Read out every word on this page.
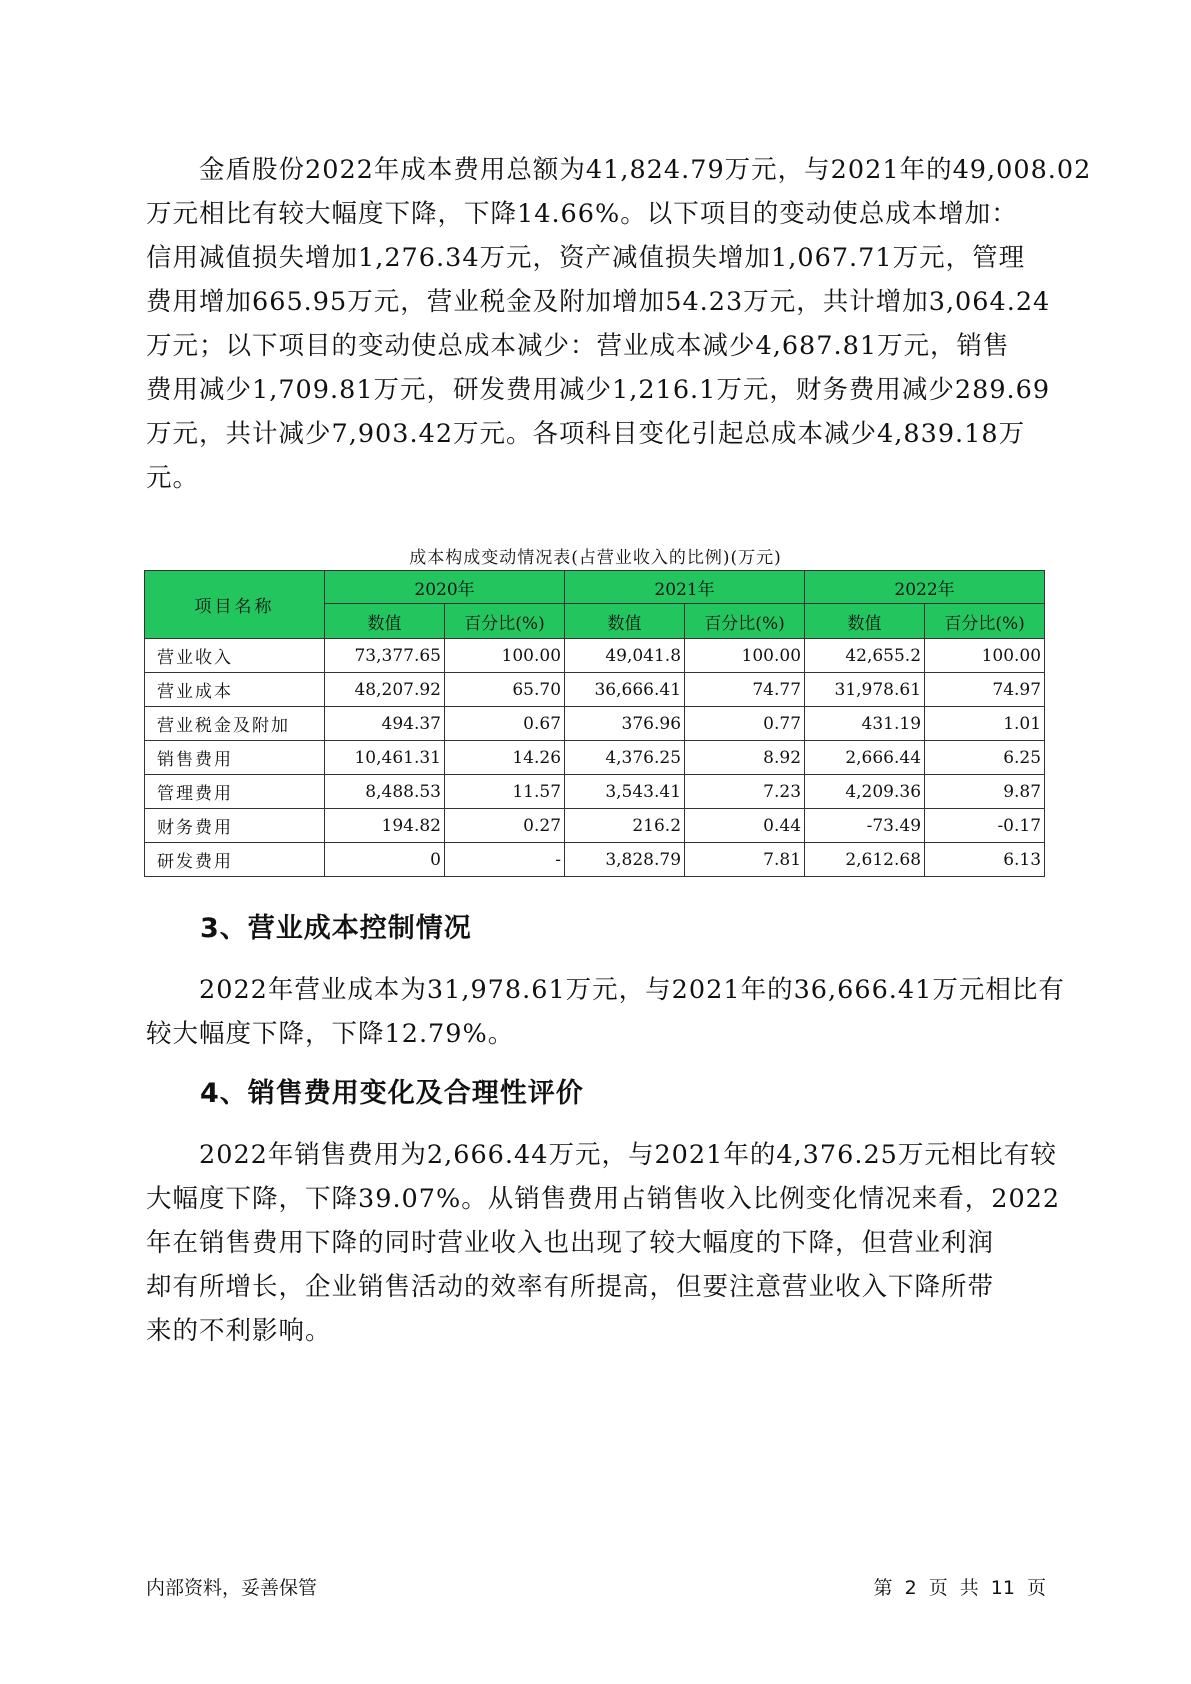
　　金盾股份2022年成本费用总额为41,824.79万元，与2021年的49,008.02
万元相比有较大幅度下降，下降14.66%。以下项目的变动使总成本增加：
信用减值损失增加1,276.34万元，资产减值损失增加1,067.71万元，管理
费用增加665.95万元，营业税金及附加增加54.23万元，共计增加3,064.24
万元；以下项目的变动使总成本减少：营业成本减少4,687.81万元，销售
费用减少1,709.81万元，研发费用减少1,216.1万元，财务费用减少289.69
万元，共计减少7,903.42万元。各项科目变化引起总成本减少4,839.18万
元。
成本构成变动情况表(占营业收入的比例)(万元)
项目名称	2020年		2021年		2022年	
	数值	百分比(%)	数值	百分比(%)	数值	百分比(%)
营业收入	73,377.65	100.00	49,041.8	100.00	42,655.2	100.00
营业成本	48,207.92	65.70	36,666.41	74.77	31,978.61	74.97
营业税金及附加	494.37	0.67	376.96	0.77	431.19	1.01
销售费用	10,461.31	14.26	4,376.25	8.92	2,666.44	6.25
管理费用	8,488.53	11.57	3,543.41	7.23	4,209.36	9.87
财务费用	194.82	0.27	216.2	0.44	-73.49	-0.17
研发费用	0	-	3,828.79	7.81	2,612.68	6.13
3、营业成本控制情况
　　2022年营业成本为31,978.61万元，与2021年的36,666.41万元相比有
较大幅度下降，下降12.79%。
4、销售费用变化及合理性评价
　　2022年销售费用为2,666.44万元，与2021年的4,376.25万元相比有较
大幅度下降，下降39.07%。从销售费用占销售收入比例变化情况来看，2022
年在销售费用下降的同时营业收入也出现了较大幅度的下降，但营业利润
却有所增长，企业销售活动的效率有所提高，但要注意营业收入下降所带
来的不利影响。
内部资料，妥善保管	第 2 页 共 11 页
